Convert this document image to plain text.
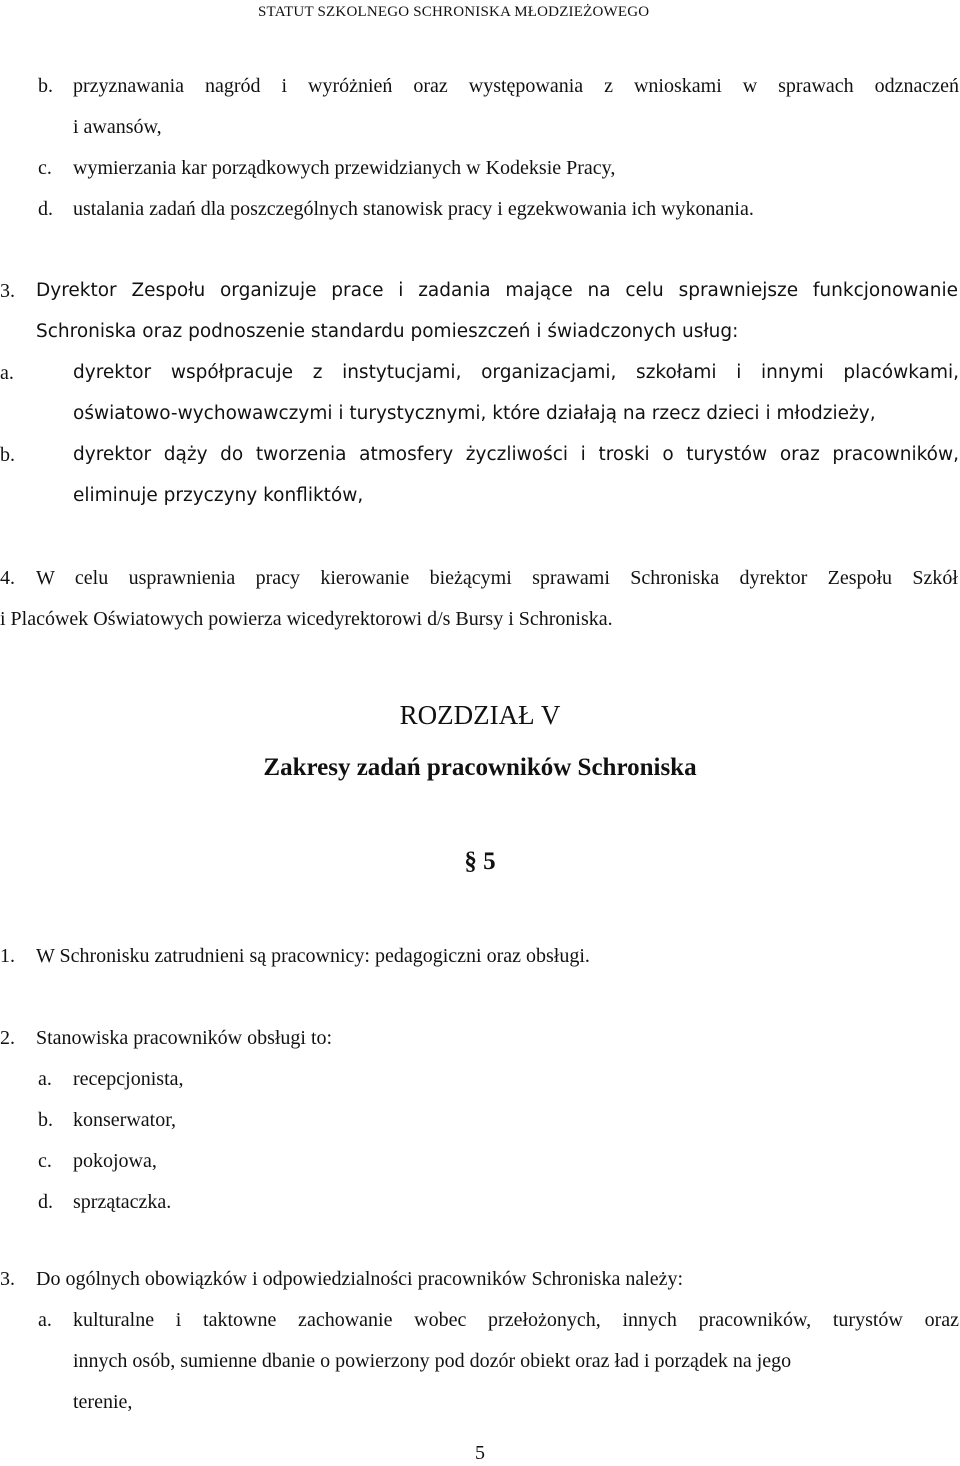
STATUT SZKOLNEGO SCHRONISKA MŁODZIEŻOWEGO
b. przyznawania nagród i wyróżnień oraz występowania z wnioskami w sprawach odznaczeń
i awansów,
c. wymierzania kar porządkowych przewidzianych w Kodeksie Pracy,
d. ustalania zadań dla poszczególnych stanowisk pracy i egzekwowania ich wykonania.
3. Dyrektor Zespołu organizuje prace i zadania mające na celu sprawniejsze funkcjonowanie
Schroniska oraz podnoszenie standardu pomieszczeń i świadczonych usług:
a.	dyrektor współpracuje z instytucjami, organizacjami, szkołami i innymi placówkami,
oświatowo-wychowawczymi i turystycznymi, które działają na rzecz dzieci i młodzieży,
b.	dyrektor dąży do tworzenia atmosfery życzliwości i troski o turystów oraz pracowników,
eliminuje przyczyny konfliktów,
4. W celu usprawnienia pracy kierowanie bieżącymi sprawami Schroniska dyrektor Zespołu Szkół
i Placówek Oświatowych powierza wicedyrektorowi d/s Bursy i Schroniska.
ROZDZIAŁ V
Zakresy zadań pracowników Schroniska
§ 5
1. W Schronisku zatrudnieni są pracownicy: pedagogiczni oraz obsługi.
2. Stanowiska pracowników obsługi to:
a. recepcjonista,
b. konserwator,
c. pokojowa,
d. sprzątaczka.
3. Do ogólnych obowiązków i odpowiedzialności pracowników Schroniska należy:
a. kulturalne i taktowne zachowanie wobec przełożonych, innych pracowników, turystów oraz
innych osób, sumienne dbanie o powierzony pod dozór obiekt oraz ład i porządek na jego
terenie,
5
